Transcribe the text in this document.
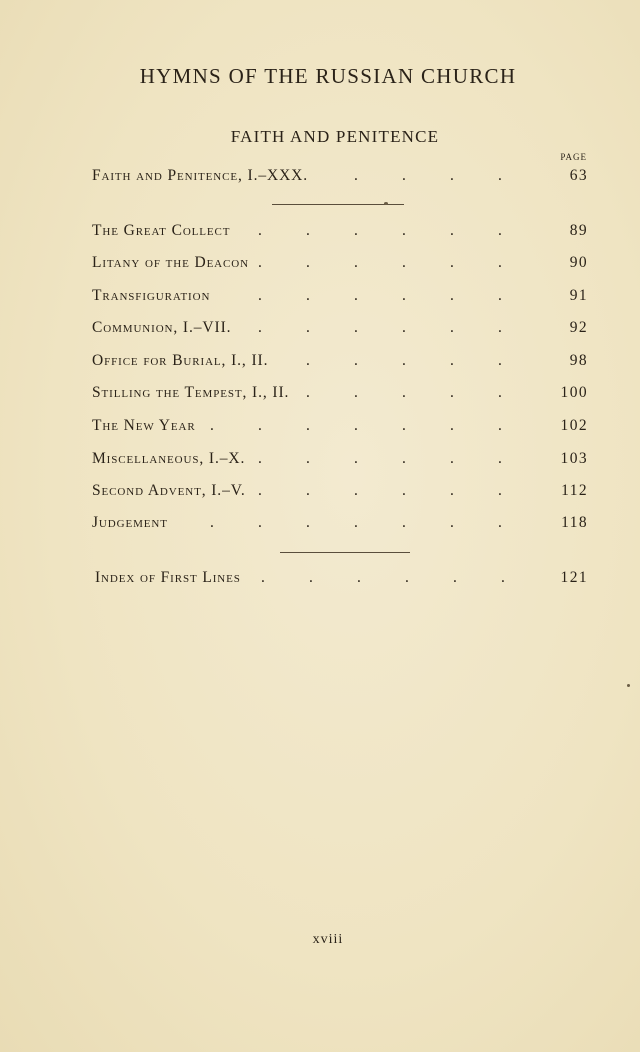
HYMNS OF THE RUSSIAN CHURCH
FAITH AND PENITENCE
PAGE
Faith and Penitence, I.–XXX.	.	.	.	.	63
The Great Collect .	.	.	.	.	.	89
Litany of the Deacon .	.	.	.	.	.	90
Transfiguration	.	.	.	.	.	.	91
Communion, I.–VII. .	.	.	.	.	.	92
Office for Burial, I., II. .	.	.	.	.	98
Stilling the Tempest, I., II. .	.	.	.	.	100
The New Year .	.	.	.	.	.	.	102
Miscellaneous, I.–X. .	.	.	.	.	.	103
Second Advent, I.–V. .	.	.	.	.	.	112
Judgement	.	.	.	.	.	.	.	118
Index of First Lines .	.	.	.	.	.	121
xviii
